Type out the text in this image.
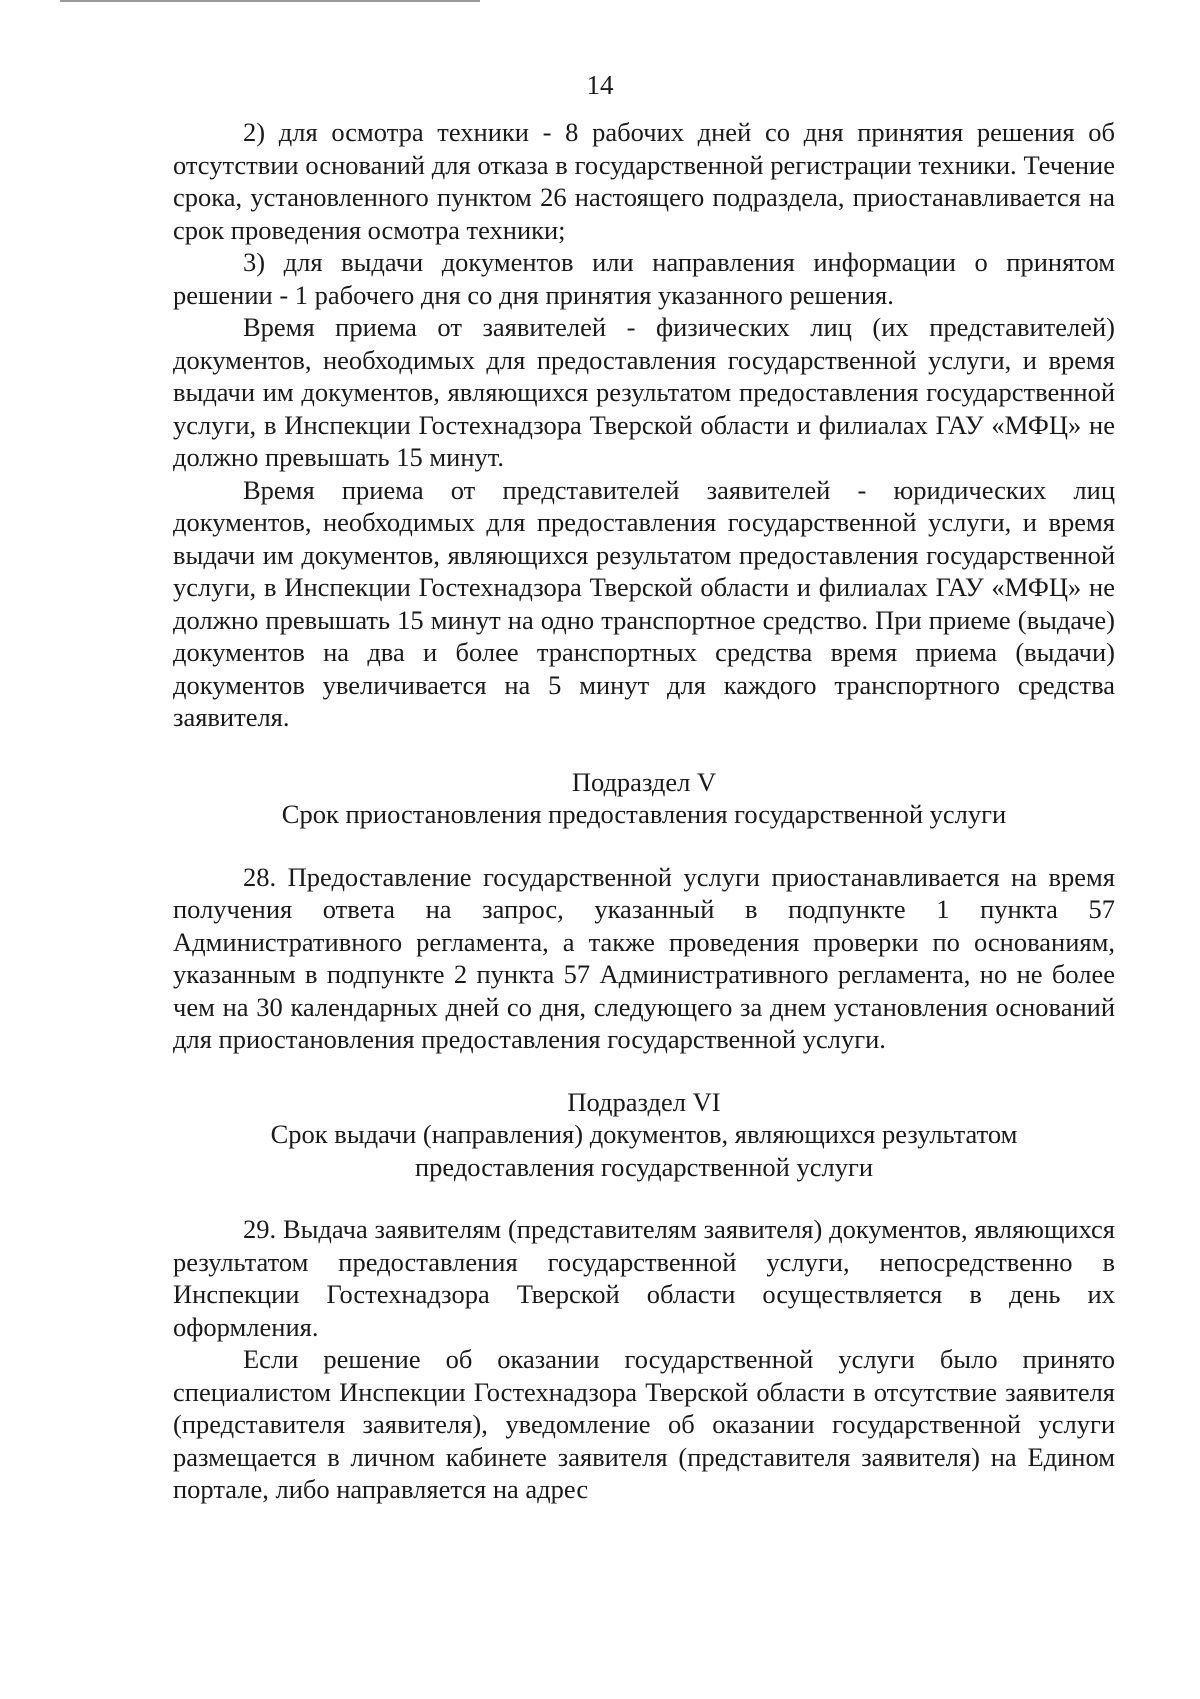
14

2) для осмотра техники - 8 рабочих дней со дня принятия решения об отсутствии оснований для отказа в государственной регистрации техники. Течение срока, установленного пунктом 26 настоящего подраздела, приостанавливается на срок проведения осмотра техники;

3) для выдачи документов или направления информации о принятом решении - 1 рабочего дня со дня принятия указанного решения.

Время приема от заявителей - физических лиц (их представителей) документов, необходимых для предоставления государственной услуги, и время выдачи им документов, являющихся результатом предоставления государственной услуги, в Инспекции Гостехнадзора Тверской области и филиалах ГАУ «МФЦ» не должно превышать 15 минут.

Время приема от представителей заявителей - юридических лиц документов, необходимых для предоставления государственной услуги, и время выдачи им документов, являющихся результатом предоставления государственной услуги, в Инспекции Гостехнадзора Тверской области и филиалах ГАУ «МФЦ» не должно превышать 15 минут на одно транспортное средство. При приеме (выдаче) документов на два и более транспортных средства время приема (выдачи) документов увеличивается на 5 минут для каждого транспортного средства заявителя.

Подраздел V

Срок приостановления предоставления государственной услуги

28. Предоставление государственной услуги приостанавливается на время получения ответа на запрос, указанный в подпункте 1 пункта 57 Административного регламента, а также проведения проверки по основаниям, указанным в подпункте 2 пункта 57 Административного регламента, но не более чем на 30 календарных дней со дня, следующего за днем установления оснований для приостановления предоставления государственной услуги.

Подраздел VI

Срок выдачи (направления) документов, являющихся результатом

предоставления государственной услуги

29. Выдача заявителям (представителям заявителя) документов, являющихся результатом предоставления государственной услуги, непосредственно в Инспекции Гостехнадзора Тверской области осуществляется в день их оформления.

Если решение об оказании государственной услуги было принято специалистом Инспекции Гостехнадзора Тверской области в отсутствие заявителя (представителя заявителя), уведомление об оказании государственной услуги размещается в личном кабинете заявителя (представителя заявителя) на Едином портале, либо направляется на адрес
